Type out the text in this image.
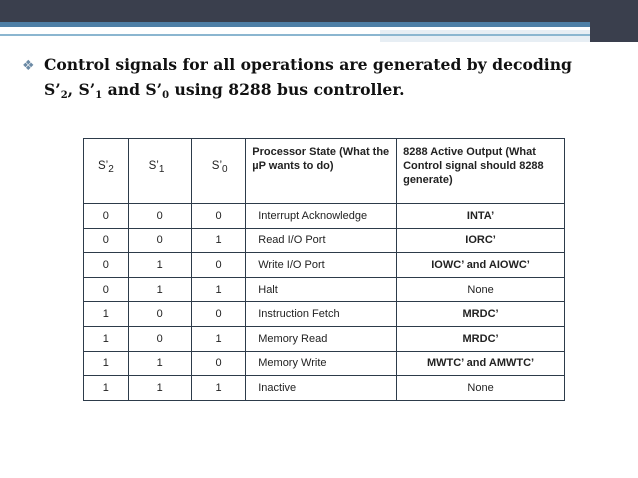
❖ Control signals for all operations are generated by decoding
$S’_2$, $S’_1$ and $S’_0$ using 8288 bus controller.
$S’_2$	$S’_1$	$S’_0$	Processor State (What the µP wants to do)	8288 Active Output (What Control signal should 8288 generate)

0	0	0	Interrupt Acknowledge	INTA’
0	0	1	Read I/O Port	IORC’
0	1	0	Write I/O Port	IOWC’ and AIOWC’
0	1	1	Halt	None
1	0	0	Instruction Fetch	MRDC’
1	0	1	Memory Read	MRDC’
1	1	0	Memory Write	MWTC’ and AMWTC’
1	1	1	Inactive	None
